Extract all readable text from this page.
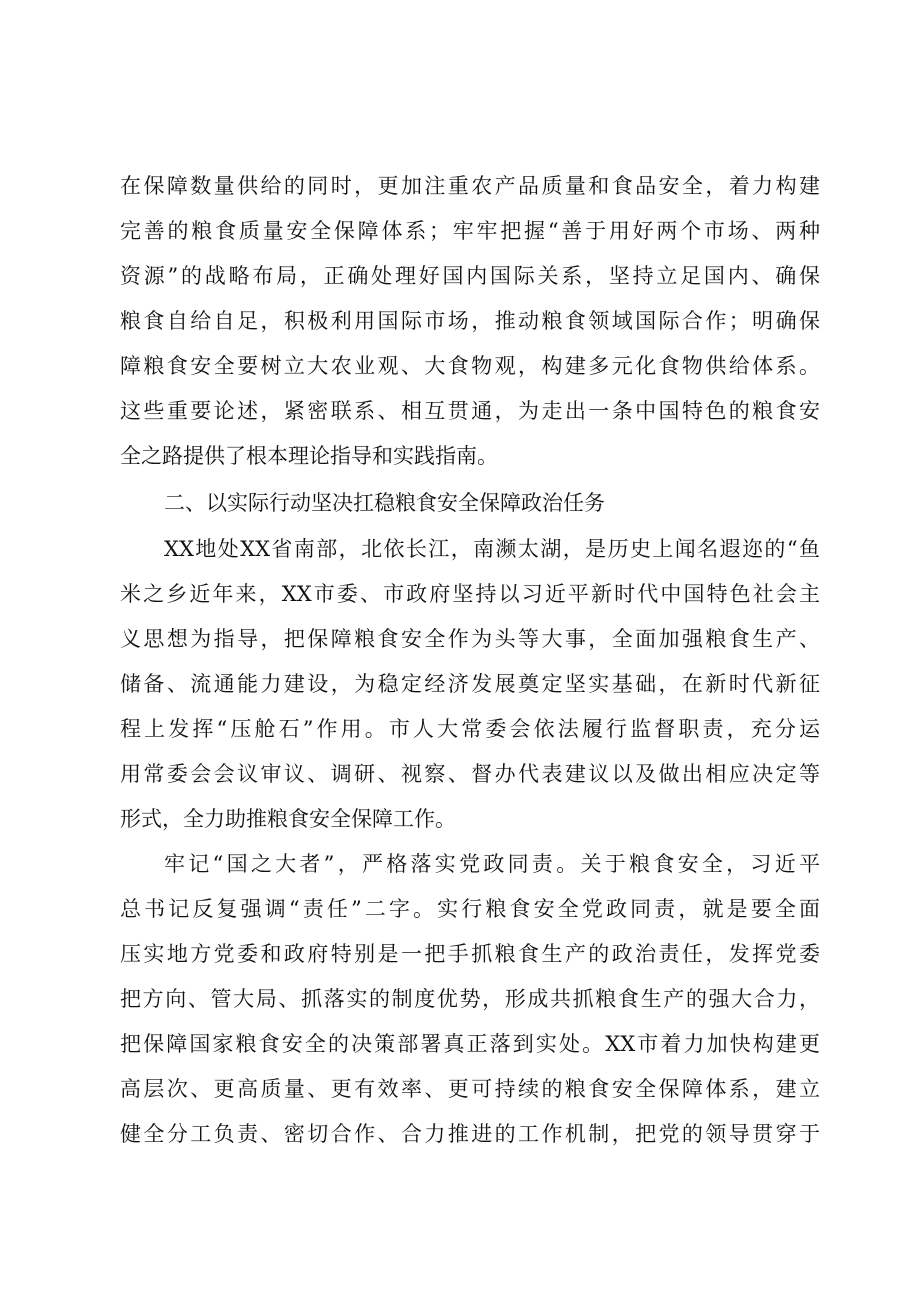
在保障数量供给的同时，更加注重农产品质量和食品安全，着力构建
完善的粮食质量安全保障体系；牢牢把握“善于用好两个市场、两种
资源”的战略布局，正确处理好国内国际关系，坚持立足国内、确保
粮食自给自足，积极利用国际市场，推动粮食领域国际合作；明确保
障粮食安全要树立大农业观、大食物观，构建多元化食物供给体系。
这些重要论述，紧密联系、相互贯通，为走出一条中国特色的粮食安
全之路提供了根本理论指导和实践指南。
二、以实际行动坚决扛稳粮食安全保障政治任务
XX地处XX省南部，北依长江，南濒太湖，是历史上闻名遐迩的“鱼
米之乡近年来，XX市委、市政府坚持以习近平新时代中国特色社会主
义思想为指导，把保障粮食安全作为头等大事，全面加强粮食生产、
储备、流通能力建设，为稳定经济发展奠定坚实基础，在新时代新征
程上发挥“压舱石”作用。市人大常委会依法履行监督职责，充分运
用常委会会议审议、调研、视察、督办代表建议以及做出相应决定等
形式，全力助推粮食安全保障工作。
牢记“国之大者”，严格落实党政同责。关于粮食安全，习近平
总书记反复强调“责任”二字。实行粮食安全党政同责，就是要全面
压实地方党委和政府特别是一把手抓粮食生产的政治责任，发挥党委
把方向、管大局、抓落实的制度优势，形成共抓粮食生产的强大合力，
把保障国家粮食安全的决策部署真正落到实处。XX市着力加快构建更
高层次、更高质量、更有效率、更可持续的粮食安全保障体系，建立
健全分工负责、密切合作、合力推进的工作机制，把党的领导贯穿于
